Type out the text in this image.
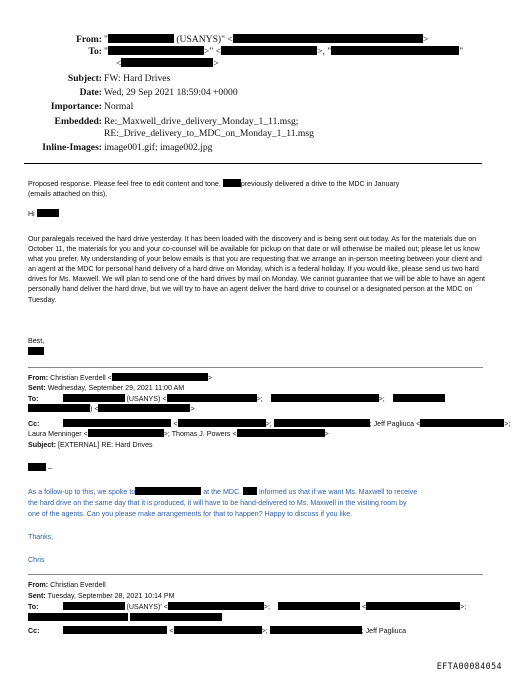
From: "	(USANYS)" <	>
To: "	>" <	>, "	"
<	>
Subject: FW: Hard Drives
Date: Wed, 29 Sep 2021 18:59:04 +0000
Importance: Normal
Embedded: Re:_Maxwell_drive_delivery_Monday_1_11.msg;
RE:_Drive_delivery_to_MDC_on_Monday_1_11.msg
Inline-Images: image001.gif; image002.jpg
Proposed response. Please feel free to edit content and tone.	previously delivered a drive to the MDC in January
(emails attached on this).
Hi

Our paralegals received the hard drive yesterday. It has been loaded with the discovery and is being sent out today. As for the materials due on October 11, the materials for you and your co-counsel will be available for pickup on that date or will otherwise be mailed out; please let us know what you prefer. My understanding of your below emails is that you are requesting that we arrange an in-person meeting between your client and an agent at the MDC for personal hand delivery of a hard drive on Monday, which is a federal holiday. If you would like, please send us two hard drives for Ms. Maxwell. We will plan to send one of the hard drives by mail on Monday. We cannot guarantee that we will be able to have an agent personally hand deliver the hard drive, but we will try to have an agent deliver the hard drive to counsel or a designated person at the MDC on Tuesday.

Best,
From: Christian Everdell <	>
Sent: Wednesday, September 29, 2021 11:00 AM
To:	(USANYS) <	>;	>;
) <	>
Cc:	<	>;	; Jeff Pagliuca <	>;
Laura Menninger <	>; Thomas J. Powers <	>
Subject: [EXTERNAL] RE: Hard Drives
–
As a follow-up to this, we spoke to	at the MDC.	informed us that if we want Ms. Maxwell to receive
the hard drive on the same day that it is produced, it will have to be hand-delivered to Ms. Maxwell in the visiting room by
one of the agents. Can you please make arrangements for that to happen? Happy to discuss if you like.
Thanks,
Chris
From: Christian Everdell
Sent: Tuesday, September 28, 2021 10:14 PM
To:	(USANYS)' <	>;	<	>;

Cc:	<	>;	; Jeff Pagliuca
EFTA00084054
